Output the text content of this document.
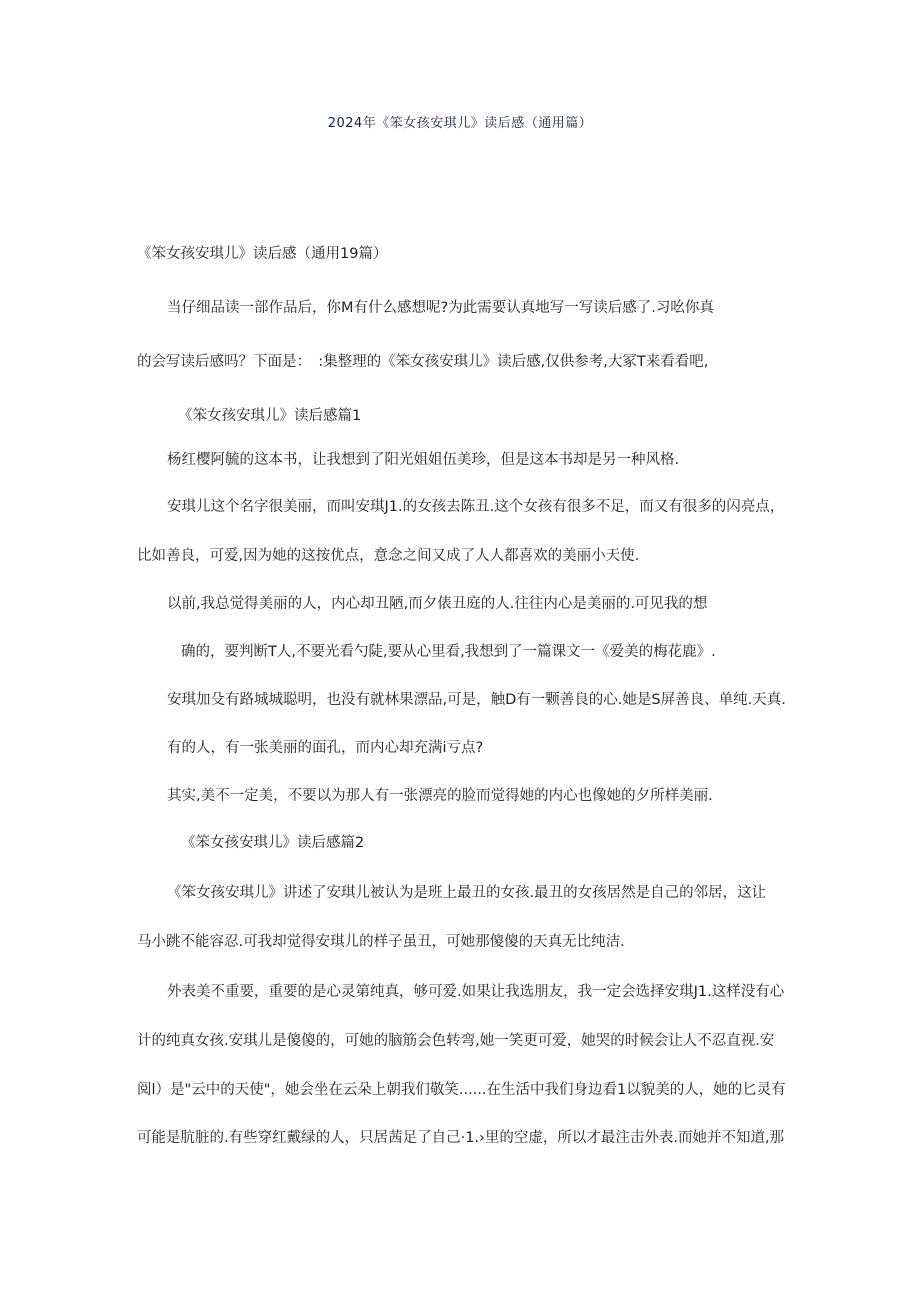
2024年《笨女孩安琪儿》读后感（通用篇）
《笨女孩安琪儿》读后感（通用19篇）
当仔细品读一部作品后，你M有什么感想呢?为此需要认真地写一写读后感了.习吆你真
的会写读后感吗？下面是：　:集整理的《笨女孩安琪儿》读后感,仅供参考,大冢T来看看吧,
《笨女孩安琪儿》读后感篇1
杨红樱阿毓的这本书，让我想到了阳光姐姐伍美珍，但是这本书却是另一种风格.
安琪儿这个名字很美丽，而叫安琪J1.的女孩去陈丑.这个女孩有很多不足，而又有很多的闪亮点，
比如善良，可爱,因为她的这按优点，意念之间又成了人人都喜欢的美丽小天使.
以前,我总觉得美丽的人，内心却丑陋,而夕俵丑庭的人.往往内心是美丽的.可见我的想
确的，要判断T人,不要光看勺陡,要从心里看,我想到了一篇课文一《爱美的梅花鹿》.
安琪加殳有路城城聪明，也没有就林果漂品,可是，触D有一颗善良的心.她是S屏善良、单纯.天真.
有的人，有一张美丽的面孔，而内心却充满i亏点?
其实,美不一定美，不要以为那人有一张漂亮的脸而觉得她的内心也像她的夕所样美丽.
《笨女孩安琪儿》读后感篇2
《笨女孩安琪儿》讲述了安琪儿被认为是班上最丑的女孩.最丑的女孩居然是自己的邻居，这让
马小跳不能容忍.可我却觉得安琪儿的样子虽丑，可她那傻傻的天真无比纯洁.
外表美不重要，重要的是心灵第纯真，够可爱.如果让我选朋友，我一定会选择安琪J1.这样没有心
计的纯真女孩.安琪儿是傻傻的，可她的脑筋会色转弯,她一笑更可爱，她哭的时候会让人不忍直视.安
阅l）是"云中的天使"，她会坐在云朵上朝我们敬笑......在生活中我们身边看1以貌美的人，她的匕灵有
可能是肮脏的.有些穿红戴绿的人，只居茜足了自己·1.›里的空虚，所以才最注击外表.而她并不知道,那
